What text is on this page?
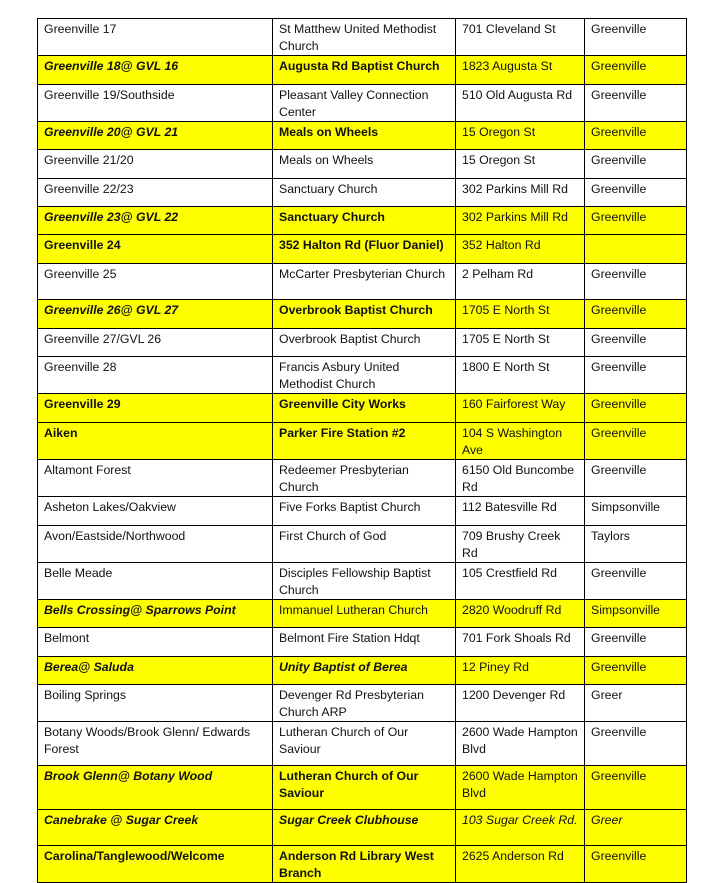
Greenville 17	St Matthew United Methodist Church	701 Cleveland St	Greenville
Greenville 18@ GVL 16	Augusta Rd Baptist Church	1823 Augusta St	Greenville
Greenville 19/Southside	Pleasant Valley Connection Center	510 Old Augusta Rd	Greenville
Greenville 20@ GVL 21	Meals on Wheels	15 Oregon St	Greenville
Greenville 21/20	Meals on Wheels	15 Oregon St	Greenville
Greenville 22/23	Sanctuary Church	302 Parkins Mill Rd	Greenville
Greenville 23@ GVL 22	Sanctuary Church	302 Parkins Mill Rd	Greenville
Greenville 24	352 Halton Rd (Fluor Daniel)	352 Halton Rd	
Greenville 25	McCarter Presbyterian Church	2 Pelham Rd	Greenville
Greenville 26@ GVL 27	Overbrook Baptist Church	1705 E North St	Greenville
Greenville 27/GVL 26	Overbrook Baptist Church	1705 E North St	Greenville
Greenville 28	Francis Asbury United Methodist Church	1800 E North St	Greenville
Greenville 29	Greenville City Works	160 Fairforest Way	Greenville
Aiken	Parker Fire Station #2	104 S Washington Ave	Greenville
Altamont Forest	Redeemer Presbyterian Church	6150 Old Buncombe Rd	Greenville
Asheton Lakes/Oakview	Five Forks Baptist Church	112 Batesville Rd	Simpsonville
Avon/Eastside/Northwood	First Church of God	709 Brushy Creek Rd	Taylors
Belle Meade	Disciples Fellowship Baptist Church	105 Crestfield Rd	Greenville
Bells Crossing@ Sparrows Point	Immanuel Lutheran Church	2820 Woodruff Rd	Simpsonville
Belmont	Belmont Fire Station Hdqt	701 Fork Shoals Rd	Greenville
Berea@ Saluda	Unity Baptist of Berea	12 Piney Rd	Greenville
Boiling Springs	Devenger Rd Presbyterian Church ARP	1200 Devenger Rd	Greer
Botany Woods/Brook Glenn/ Edwards Forest	Lutheran Church of Our Saviour	2600 Wade Hampton Blvd	Greenville
Brook Glenn@ Botany Wood	Lutheran Church of Our Saviour	2600 Wade Hampton Blvd	Greenville
Canebrake @ Sugar Creek	Sugar Creek Clubhouse	103 Sugar Creek Rd.	Greer
Carolina/Tanglewood/Welcome	Anderson Rd Library West Branch	2625 Anderson Rd	Greenville
